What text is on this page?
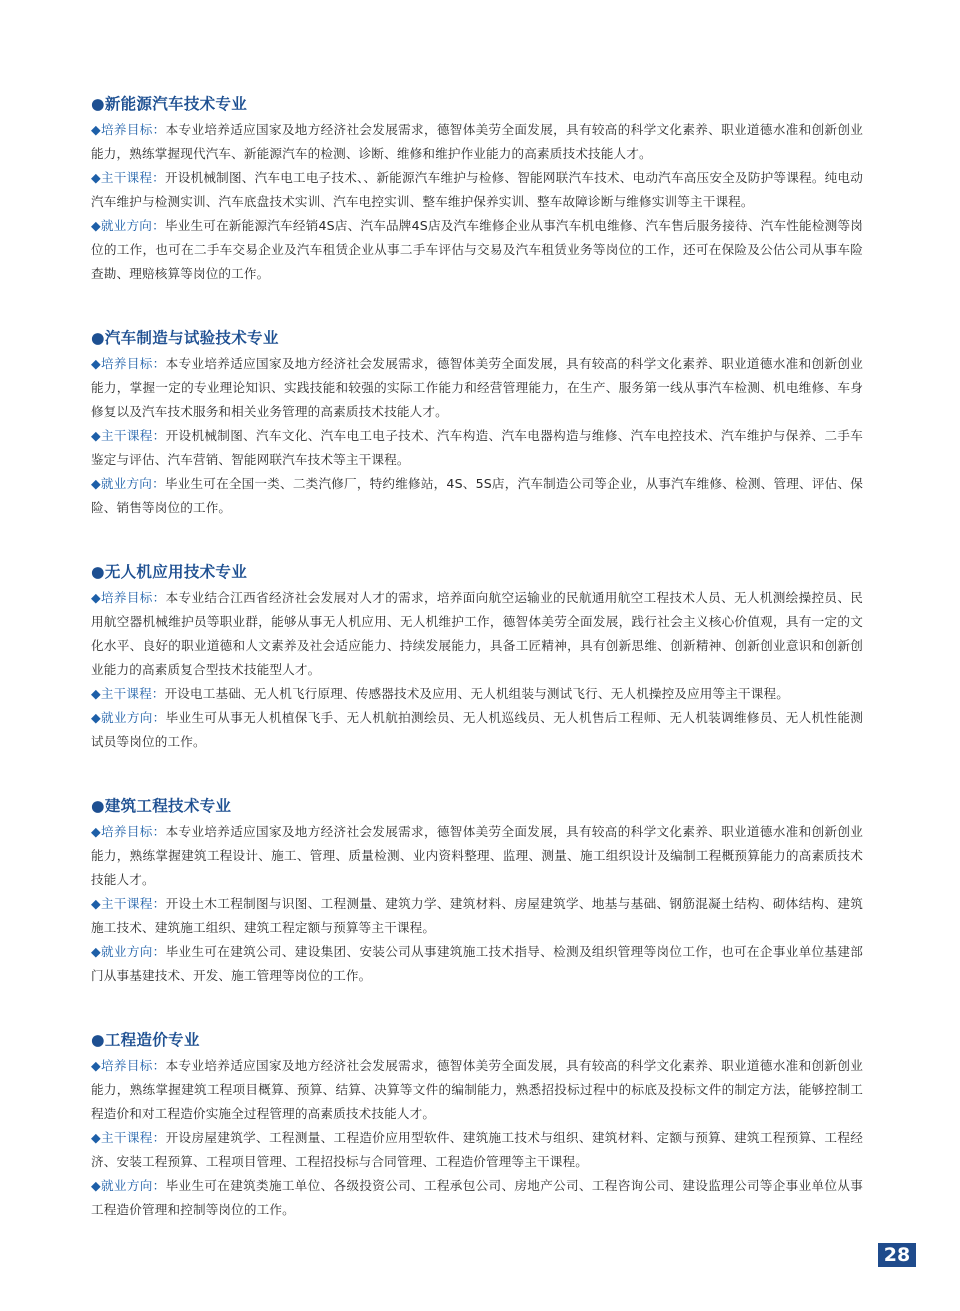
●新能源汽车技术专业

◆培养目标：本专业培养适应国家及地方经济社会发展需求，德智体美劳全面发展，具有较高的科学文化素养、职业道德水准和创新创业能力，熟练掌握现代汽车、新能源汽车的检测、诊断、维修和维护作业能力的高素质技术技能人才。

◆主干课程：开设机械制图、汽车电工电子技术、、新能源汽车维护与检修、智能网联汽车技术、电动汽车高压安全及防护等课程。纯电动汽车维护与检测实训、汽车底盘技术实训、汽车电控实训、整车维护保养实训、整车故障诊断与维修实训等主干课程。

◆就业方向：毕业生可在新能源汽车经销4S店、汽车品牌4S店及汽车维修企业从事汽车机电维修、汽车售后服务接待、汽车性能检测等岗位的工作，也可在二手车交易企业及汽车租赁企业从事二手车评估与交易及汽车租赁业务等岗位的工作，还可在保险及公估公司从事车险查勘、理赔核算等岗位的工作。

●汽车制造与试验技术专业

◆培养目标：本专业培养适应国家及地方经济社会发展需求，德智体美劳全面发展，具有较高的科学文化素养、职业道德水准和创新创业能力，掌握一定的专业理论知识、实践技能和较强的实际工作能力和经营管理能力，在生产、服务第一线从事汽车检测、机电维修、车身修复以及汽车技术服务和相关业务管理的高素质技术技能人才。

◆主干课程：开设机械制图、汽车文化、汽车电工电子技术、汽车构造、汽车电器构造与维修、汽车电控技术、汽车维护与保养、二手车鉴定与评估、汽车营销、智能网联汽车技术等主干课程。

◆就业方向：毕业生可在全国一类、二类汽修厂，特约维修站，4S、5S店，汽车制造公司等企业，从事汽车维修、检测、管理、评估、保险、销售等岗位的工作。

●无人机应用技术专业

◆培养目标：本专业结合江西省经济社会发展对人才的需求，培养面向航空运输业的民航通用航空工程技术人员、无人机测绘操控员、民用航空器机械维护员等职业群，能够从事无人机应用、无人机维护工作，德智体美劳全面发展，践行社会主义核心价值观，具有一定的文化水平、良好的职业道德和人文素养及社会适应能力、持续发展能力，具备工匠精神，具有创新思维、创新精神、创新创业意识和创新创业能力的高素质复合型技术技能型人才。

◆主干课程：开设电工基础、无人机飞行原理、传感器技术及应用、无人机组装与测试飞行、无人机操控及应用等主干课程。

◆就业方向：毕业生可从事无人机植保飞手、无人机航拍测绘员、无人机巡线员、无人机售后工程师、无人机装调维修员、无人机性能测试员等岗位的工作。

●建筑工程技术专业

◆培养目标：本专业培养适应国家及地方经济社会发展需求，德智体美劳全面发展，具有较高的科学文化素养、职业道德水准和创新创业能力，熟练掌握建筑工程设计、施工、管理、质量检测、业内资料整理、监理、测量、施工组织设计及编制工程概预算能力的高素质技术技能人才。

◆主干课程：开设土木工程制图与识图、工程测量、建筑力学、建筑材料、房屋建筑学、地基与基础、钢筋混凝土结构、砌体结构、建筑施工技术、建筑施工组织、建筑工程定额与预算等主干课程。

◆就业方向：毕业生可在建筑公司、建设集团、安装公司从事建筑施工技术指导、检测及组织管理等岗位工作，也可在企事业单位基建部门从事基建技术、开发、施工管理等岗位的工作。

●工程造价专业

◆培养目标：本专业培养适应国家及地方经济社会发展需求，德智体美劳全面发展，具有较高的科学文化素养、职业道德水准和创新创业能力，熟练掌握建筑工程项目概算、预算、结算、决算等文件的编制能力，熟悉招投标过程中的标底及投标文件的制定方法，能够控制工程造价和对工程造价实施全过程管理的高素质技术技能人才。

◆主干课程：开设房屋建筑学、工程测量、工程造价应用型软件、建筑施工技术与组织、建筑材料、定额与预算、建筑工程预算、工程经济、安装工程预算、工程项目管理、工程招投标与合同管理、工程造价管理等主干课程。

◆就业方向：毕业生可在建筑类施工单位、各级投资公司、工程承包公司、房地产公司、工程咨询公司、建设监理公司等企事业单位从事工程造价管理和控制等岗位的工作。

28
